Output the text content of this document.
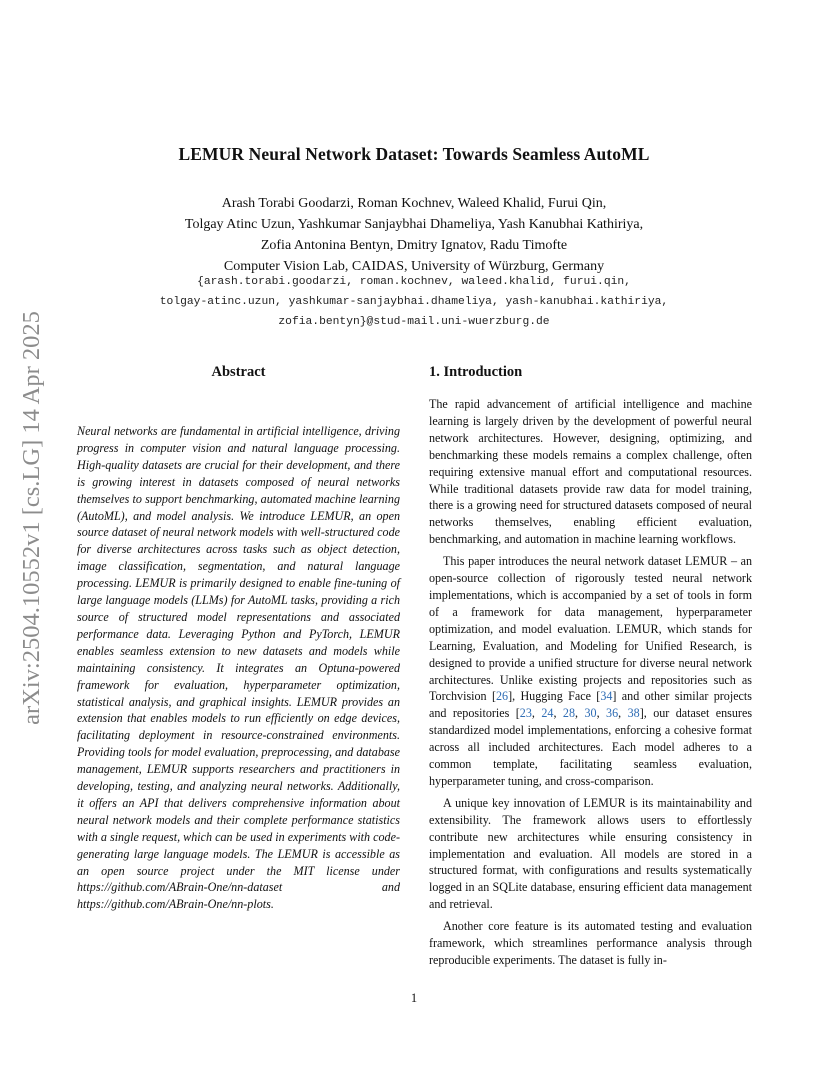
arXiv:2504.10552v1 [cs.LG] 14 Apr 2025
LEMUR Neural Network Dataset: Towards Seamless AutoML
Arash Torabi Goodarzi, Roman Kochnev, Waleed Khalid, Furui Qin,
Tolgay Atinc Uzun, Yashkumar Sanjaybhai Dhameliya, Yash Kanubhai Kathiriya,
Zofia Antonina Bentyn, Dmitry Ignatov, Radu Timofte
Computer Vision Lab, CAIDAS, University of Würzburg, Germany
{arash.torabi.goodarzi, roman.kochnev, waleed.khalid, furui.qin,
tolgay-atinc.uzun, yashkumar-sanjaybhai.dhameliya, yash-kanubhai.kathiriya,
zofia.bentyn}@stud-mail.uni-wuerzburg.de
Abstract
Neural networks are fundamental in artificial intelligence, driving progress in computer vision and natural language processing. High-quality datasets are crucial for their development, and there is growing interest in datasets composed of neural networks themselves to support benchmarking, automated machine learning (AutoML), and model analysis. We introduce LEMUR, an open source dataset of neural network models with well-structured code for diverse architectures across tasks such as object detection, image classification, segmentation, and natural language processing. LEMUR is primarily designed to enable fine-tuning of large language models (LLMs) for AutoML tasks, providing a rich source of structured model representations and associated performance data. Leveraging Python and PyTorch, LEMUR enables seamless extension to new datasets and models while maintaining consistency. It integrates an Optuna-powered framework for evaluation, hyperparameter optimization, statistical analysis, and graphical insights. LEMUR provides an extension that enables models to run efficiently on edge devices, facilitating deployment in resource-constrained environments. Providing tools for model evaluation, preprocessing, and database management, LEMUR supports researchers and practitioners in developing, testing, and analyzing neural networks. Additionally, it offers an API that delivers comprehensive information about neural network models and their complete performance statistics with a single request, which can be used in experiments with code-generating large language models. The LEMUR is accessible as an open source project under the MIT license under https://github.com/ABrain-One/nn-dataset and https://github.com/ABrain-One/nn-plots.
1. Introduction

The rapid advancement of artificial intelligence and machine learning is largely driven by the development of powerful neural network architectures. However, designing, optimizing, and benchmarking these models remains a complex challenge, often requiring extensive manual effort and computational resources. While traditional datasets provide raw data for model training, there is a growing need for structured datasets composed of neural networks themselves, enabling efficient evaluation, benchmarking, and automation in machine learning workflows.

This paper introduces the neural network dataset LEMUR – an open-source collection of rigorously tested neural network implementations, which is accompanied by a set of tools in form of a framework for data management, hyperparameter optimization, and model evaluation. LEMUR, which stands for Learning, Evaluation, and Modeling for Unified Research, is designed to provide a unified structure for diverse neural network architectures. Unlike existing projects and repositories such as Torchvision [26], Hugging Face [34] and other similar projects and repositories [23, 24, 28, 30, 36, 38], our dataset ensures standardized model implementations, enforcing a cohesive format across all included architectures. Each model adheres to a common template, facilitating seamless evaluation, hyperparameter tuning, and cross-comparison.

A unique key innovation of LEMUR is its maintainability and extensibility. The framework allows users to effortlessly contribute new architectures while ensuring consistency in implementation and evaluation. All models are stored in a structured format, with configurations and results systematically logged in an SQLite database, ensuring efficient data management and retrieval.

Another core feature is its automated testing and evaluation framework, which streamlines performance analysis through reproducible experiments. The dataset is fully in-

1
